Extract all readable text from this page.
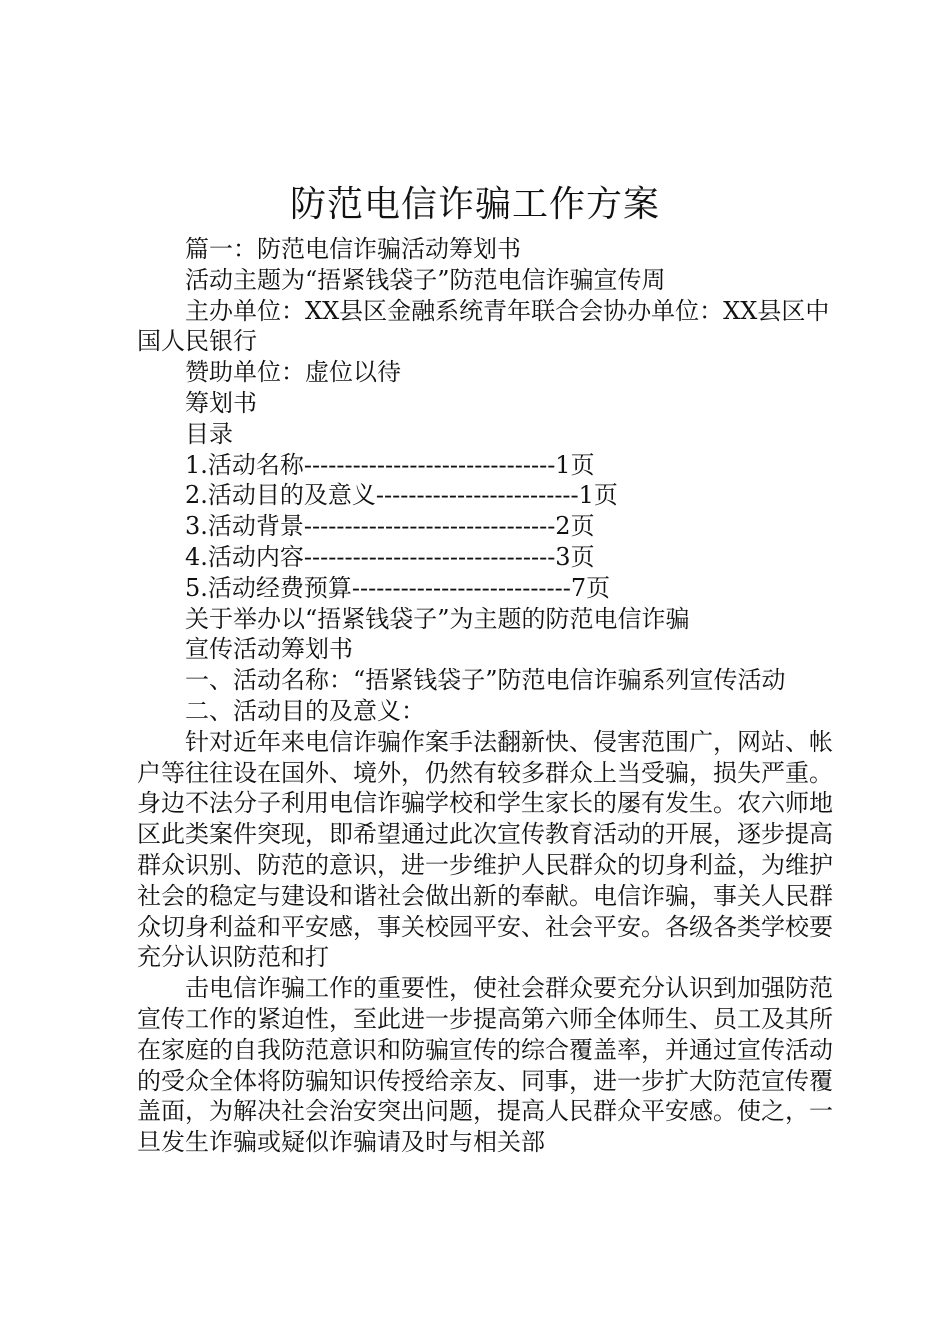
防范电信诈骗工作方案

篇一：防范电信诈骗活动筹划书

活动主题为“捂紧钱袋子”防范电信诈骗宣传周

主办单位：XX县区金融系统青年联合会协办单位：XX县区中国人民银行

赞助单位：虚位以待

筹划书

目录

1.活动名称-------------------------------1页
2.活动目的及意义-------------------------1页
3.活动背景-------------------------------2页
4.活动内容-------------------------------3页
5.活动经费预算---------------------------7页

关于举办以“捂紧钱袋子”为主题的防范电信诈骗

宣传活动筹划书

一、活动名称：“捂紧钱袋子”防范电信诈骗系列宣传活动

二、活动目的及意义：

针对近年来电信诈骗作案手法翻新快、侵害范围广，网站、帐户等往往设在国外、境外，仍然有较多群众上当受骗，损失严重。身边不法分子利用电信诈骗学校和学生家长的屡有发生。农六师地区此类案件突现，即希望通过此次宣传教育活动的开展，逐步提高群众识别、防范的意识，进一步维护人民群众的切身利益，为维护社会的稳定与建设和谐社会做出新的奉献。电信诈骗，事关人民群众切身利益和平安感，事关校园平安、社会平安。各级各类学校要充分认识防范和打

击电信诈骗工作的重要性，使社会群众要充分认识到加强防范宣传工作的紧迫性，至此进一步提高第六师全体师生、员工及其所在家庭的自我防范意识和防骗宣传的综合覆盖率，并通过宣传活动的受众全体将防骗知识传授给亲友、同事，进一步扩大防范宣传覆盖面，为解决社会治安突出问题，提高人民群众平安感。使之，一旦发生诈骗或疑似诈骗请及时与相关部
